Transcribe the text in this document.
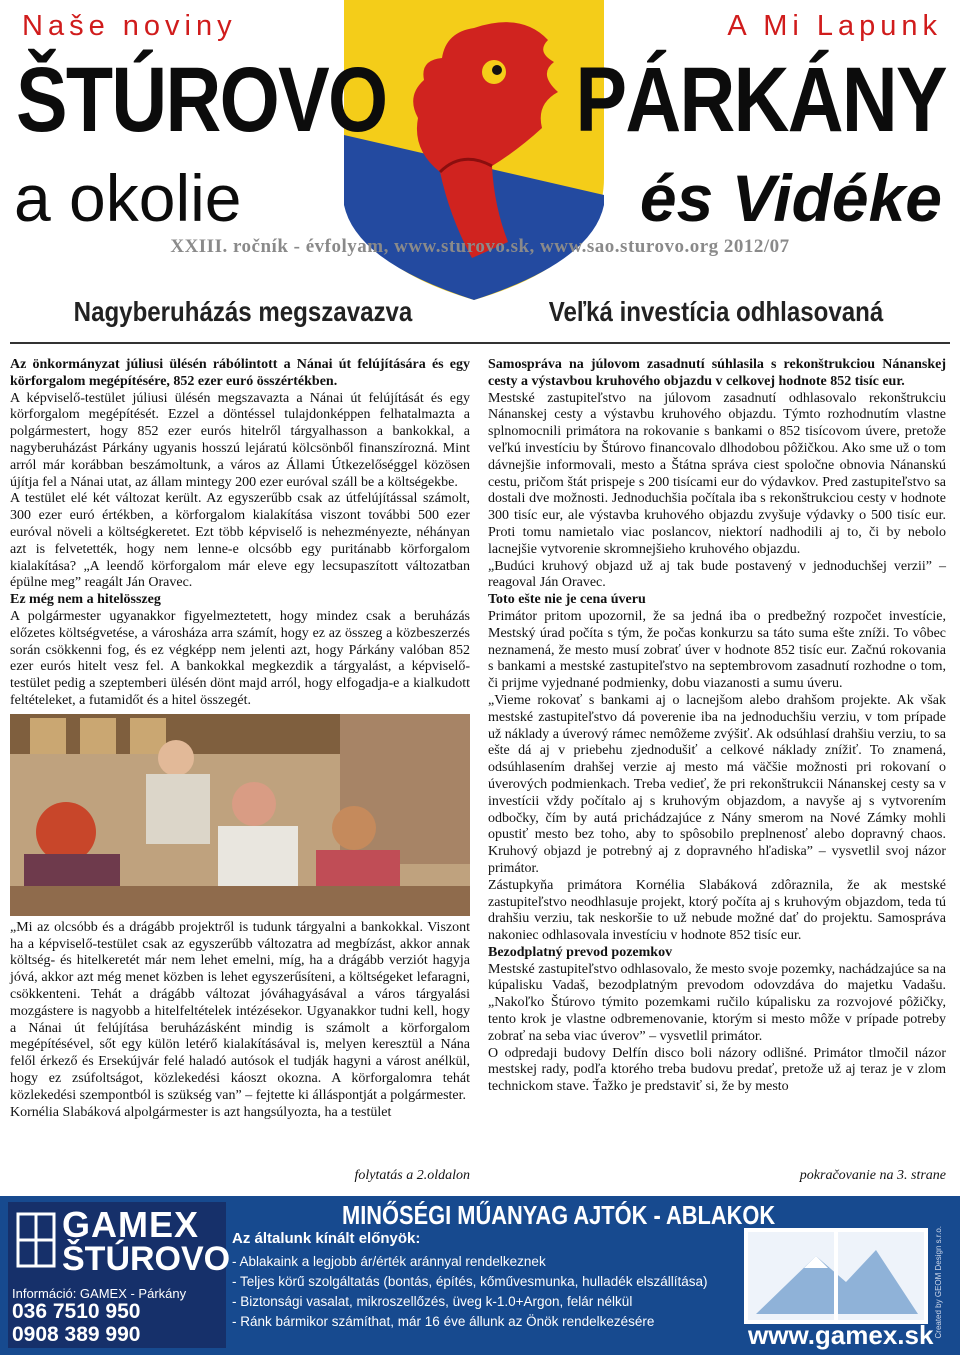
Naše noviny	A Mi Lapunk
ŠTÚROVO PÁRKÁNY
a okolie	és Vidéke
XXIII. ročník - évfolyam, www.sturovo.sk, www.sao.sturovo.org 2012/07
Nagyberuházás megszavazva	Veľká investícia odhlasovaná

Az önkormányzat júliusi ülésén rábólintott a Nánai út felújítására és egy körforgalom megépítésére, 852 ezer euró összértékben.

A képviselő-testület júliusi ülésén megszavazta a Nánai út felújítását és egy körforgalom megépítését. Ezzel a döntéssel tulajdonképpen felhatalmazta a polgármestert, hogy 852 ezer eurós hitelről tárgyalhasson a bankokkal, a nagyberuházást Párkány ugyanis hosszú lejáratú kölcsönből finanszírozná. Mint arról már korábban beszámoltunk, a város az Állami Útkezelőséggel közösen újítja fel a Nánai utat, az állam mintegy 200 ezer euróval száll be a költségekbe.

A testület elé két változat került. Az egyszerűbb csak az útfelújítással számolt, 300 ezer euró értékben, a körforgalom kialakítása viszont további 500 ezer euróval növeli a költségkeretet. Ezt több képviselő is nehezményezte, néhányan azt is felvetették, hogy nem lenne-e olcsóbb egy puritánabb körforgalom kialakítása? „A leendő körforgalom már eleve egy lecsupaszított változatban épülne meg” reagált Ján Oravec.

Ez még nem a hitelösszeg

A polgármester ugyanakkor figyelmeztetett, hogy mindez csak a beruházás előzetes költségvetése, a városháza arra számít, hogy ez az összeg a közbeszerzés során csökkenni fog, és ez végképp nem jelenti azt, hogy Párkány valóban 852 ezer eurós hitelt vesz fel. A bankokkal megkezdik a tárgyalást, a képviselő-testület pedig a szeptemberi ülésén dönt majd arról, hogy elfogadja-e a kialkudott feltételeket, a futamidőt és a hitel összegét.

„Mi az olcsóbb és a drágább projektről is tudunk tárgyalni a bankokkal. Viszont ha a képviselő-testület csak az egyszerűbb változatra ad megbízást, akkor annak költség- és hitelkeretét már nem lehet emelni, míg, ha a drágább verziót hagyja jóvá, akkor azt még menet közben is lehet egyszerűsíteni, a költségeket lefaragni, csökkenteni. Tehát a drágább változat jóváhagyásával a város tárgyalási mozgástere is nagyobb a hitelfeltételek intézésekor. Ugyanakkor tudni kell, hogy a Nánai út felújítása beruházásként mindig is számolt a körforgalom megépítésével, sőt egy külön letérő kialakításával is, melyen keresztül a Nána felől érkező és Ersekújvár felé haladó autósok el tudják hagyni a várost anélkül, hogy ez zsúfoltságot, közlekedési káoszt okozna. A körforgalomra tehát közlekedési szempontból is szükség van” – fejtette ki álláspontját a polgármester.

Kornélia Slabáková alpolgármester is azt hangsúlyozta, ha a testület

folytatás a 2.oldalon

Samospráva na júlovom zasadnutí súhlasila s rekonštrukciou Nánanskej cesty a výstavbou kruhového objazdu v celkovej hodnote 852 tisíc eur.

Mestské zastupiteľstvo na júlovom zasadnutí odhlasovalo rekonštrukciu Nánanskej cesty a výstavbu kruhového objazdu. Týmto rozhodnutím vlastne splnomocnili primátora na rokovanie s bankami o 852 tisícovom úvere, pretože veľkú investíciu by Štúrovo financovalo dlhodobou pôžičkou. Ako sme už o tom dávnejšie informovali, mesto a Štátna správa ciest spoločne obnovia Nánanskú cestu, pričom štát prispeje s 200 tisícami eur do výdavkov. Pred zastupiteľstvo sa dostali dve možnosti. Jednoduchšia počítala iba s rekonštrukciou cesty v hodnote 300 tisíc eur, ale výstavba kruhového objazdu zvyšuje výdavky o 500 tisíc eur. Proti tomu namietalo viac poslancov, niektorí nadhodili aj to, či by nebolo lacnejšie vytvorenie skromnejšieho kruhového objazdu.

„Budúci kruhový objazd už aj tak bude postavený v jednoduchšej verzii” – reagoval Ján Oravec.

Toto ešte nie je cena úveru

Primátor pritom upozornil, že sa jedná iba o predbežný rozpočet investície, Mestský úrad počíta s tým, že počas konkurzu sa táto suma ešte zníži. To vôbec neznamená, že mesto musí zobrať úver v hodnote 852 tisíc eur. Začnú rokovania s bankami a mestské zastupiteľstvo na septembrovom zasadnutí rozhodne o tom, či prijme vyjednané podmienky, dobu viazanosti a sumu úveru.

„Vieme rokovať s bankami aj o lacnejšom alebo drahšom projekte. Ak však mestské zastupiteľstvo dá poverenie iba na jednoduchšiu verziu, v tom prípade už náklady a úverový rámec nemôžeme zvýšiť. Ak odsúhlasí drahšiu verziu, to sa ešte dá aj v priebehu zjednodušiť a celkové náklady znížiť. To znamená, odsúhlasením drahšej verzie aj mesto má väčšie možnosti pri rokovaní o úverových podmienkach. Treba vedieť, že pri rekonštrukcii Nánanskej cesty sa v investícii vždy počítalo aj s kruhovým objazdom, a navyše aj s vytvorením odbočky, čím by autá prichádzajúce z Nány smerom na Nové Zámky mohli opustiť mesto bez toho, aby to spôsobilo preplnenosť alebo dopravný chaos. Kruhový objazd je potrebný aj z dopravného hľadiska” – vysvetlil svoj názor primátor.

Zástupkyňa primátora Kornélia Slabáková zdôraznila, že ak mestské zastupiteľstvo neodhlasuje projekt, ktorý počíta aj s kruhovým objazdom, teda tú drahšiu verziu, tak neskoršie to už nebude možné dať do projektu. Samospráva nakoniec odhlasovala investíciu v hodnote 852 tisíc eur.

Bezodplatný prevod pozemkov

Mestské zastupiteľstvo odhlasovalo, že mesto svoje pozemky, nachádzajúce sa na kúpalisku Vadaš, bezodplatným prevodom odovzdáva do majetku Vadašu. „Nakoľko Štúrovo týmito pozemkami ručilo kúpalisku za rozvojové pôžičky, tento krok je vlastne odbremenovanie, ktorým si mesto môže v prípade potreby zobrať na seba viac úverov” – vysvetlil primátor.

O odpredaji budovy Delfín disco boli názory odlišné. Primátor tlmočil názor mestskej rady, podľa ktorého treba budovu predať, pretože už aj teraz je v zlom technickom stave. Ťažko je predstaviť si, že by mesto

pokračovanie na 3. strane
GAMEX
ŠTÚROVO
Információ: GAMEX - Párkány
036 7510 950
0908 389 990
MINŐSÉGI MŰANYAG AJTÓK - ABLAKOK
Az általunk kínált előnyök:
- Ablakaink a legjobb ár/érték aránnyal rendelkeznek
- Teljes körű szolgáltatás (bontás, építés, kőművesmunka, hulladék elszállítása)
- Biztonsági vasalat, mikroszellőzés, üveg k-1.0+Argon, felár nélkül
- Ránk bármikor számíthat, már 16 éve állunk az Önök rendelkezésére	www.gamex.sk Created by GEOM Design s.r.o.
